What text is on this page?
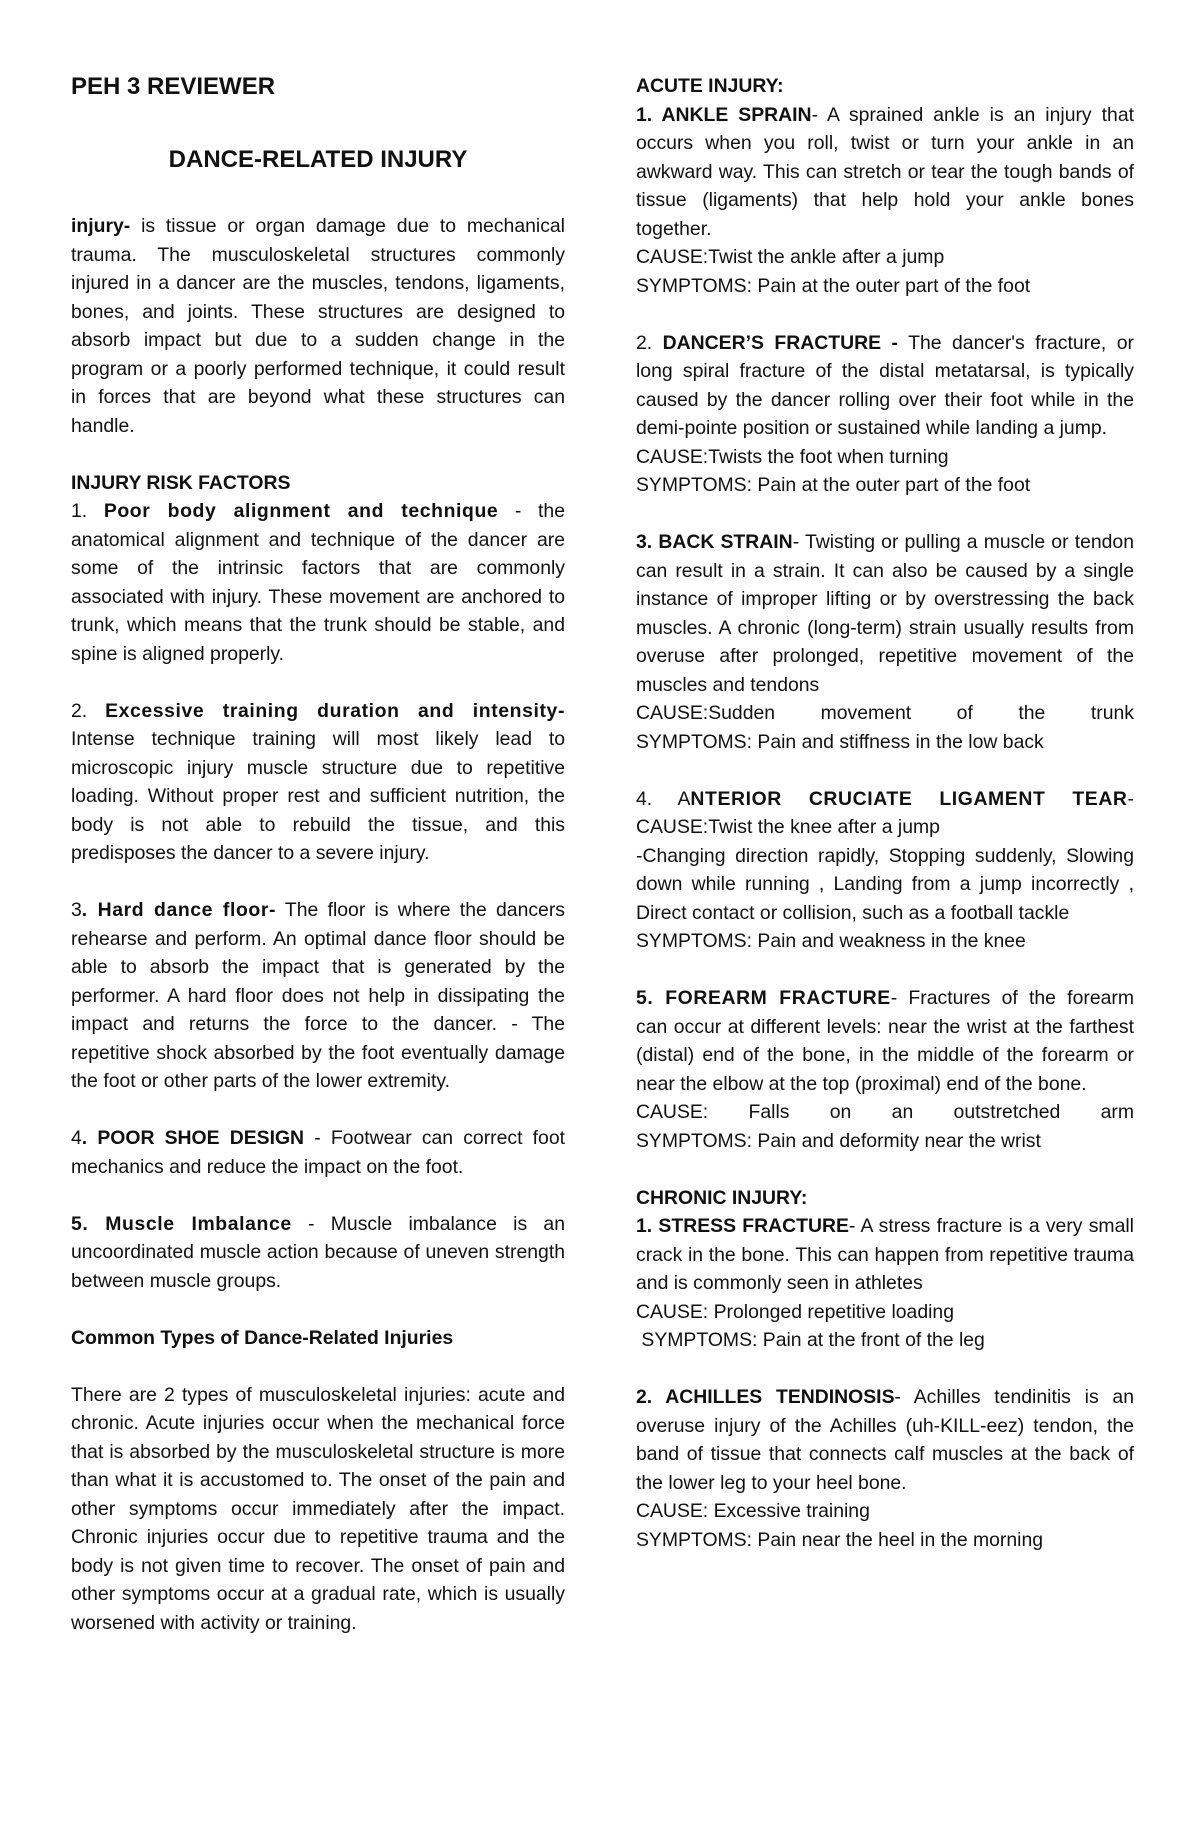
PEH 3 REVIEWER
DANCE-RELATED INJURY

injury- is tissue or organ damage due to mechanical trauma. The musculoskeletal structures commonly injured in a dancer are the muscles, tendons, ligaments, bones, and joints. These structures are designed to absorb impact but due to a sudden change in the program or a poorly performed technique, it could result in forces that are beyond what these structures can handle.

INJURY RISK FACTORS

1. Poor body alignment and technique - the anatomical alignment and technique of the dancer are some of the intrinsic factors that are commonly associated with injury. These movement are anchored to trunk, which means that the trunk should be stable, and spine is aligned properly.

2. Excessive training duration and intensity- Intense technique training will most likely lead to microscopic injury muscle structure due to repetitive loading. Without proper rest and sufficient nutrition, the body is not able to rebuild the tissue, and this predisposes the dancer to a severe injury.

3. Hard dance floor- The floor is where the dancers rehearse and perform. An optimal dance floor should be able to absorb the impact that is generated by the performer. A hard floor does not help in dissipating the impact and returns the force to the dancer. - The repetitive shock absorbed by the foot eventually damage the foot or other parts of the lower extremity.

4. POOR SHOE DESIGN - Footwear can correct foot mechanics and reduce the impact on the foot.

5. Muscle Imbalance - Muscle imbalance is an uncoordinated muscle action because of uneven strength between muscle groups.

Common Types of Dance-Related Injuries

There are 2 types of musculoskeletal injuries: acute and chronic. Acute injuries occur when the mechanical force that is absorbed by the musculoskeletal structure is more than what it is accustomed to. The onset of the pain and other symptoms occur immediately after the impact. Chronic injuries occur due to repetitive trauma and the body is not given time to recover. The onset of pain and other symptoms occur at a gradual rate, which is usually worsened with activity or training.

ACUTE INJURY:

1. ANKLE SPRAIN- A sprained ankle is an injury that occurs when you roll, twist or turn your ankle in an awkward way. This can stretch or tear the tough bands of tissue (ligaments) that help hold your ankle bones together.

CAUSE:Twist the ankle after a jump

SYMPTOMS: Pain at the outer part of the foot

2. DANCER’S FRACTURE - The dancer's fracture, or long spiral fracture of the distal metatarsal, is typically caused by the dancer rolling over their foot while in the demi-pointe position or sustained while landing a jump.

CAUSE:Twists the foot when turning

SYMPTOMS: Pain at the outer part of the foot

3. BACK STRAIN- Twisting or pulling a muscle or tendon can result in a strain. It can also be caused by a single instance of improper lifting or by overstressing the back muscles. A chronic (long-term) strain usually results from overuse after prolonged, repetitive movement of the muscles and tendons

CAUSE:Sudden movement of the trunk

SYMPTOMS: Pain and stiffness in the low back

4. ANTERIOR CRUCIATE LIGAMENT TEAR-

CAUSE:Twist the knee after a jump

-Changing direction rapidly, Stopping suddenly, Slowing down while running , Landing from a jump incorrectly , Direct contact or collision, such as a football tackle

SYMPTOMS: Pain and weakness in the knee

5. FOREARM FRACTURE- Fractures of the forearm can occur at different levels: near the wrist at the farthest (distal) end of the bone, in the middle of the forearm or near the elbow at the top (proximal) end of the bone.

CAUSE: Falls on an outstretched arm

SYMPTOMS: Pain and deformity near the wrist

CHRONIC INJURY:

1. STRESS FRACTURE- A stress fracture is a very small crack in the bone. This can happen from repetitive trauma and is commonly seen in athletes

CAUSE: Prolonged repetitive loading

SYMPTOMS: Pain at the front of the leg

2. ACHILLES TENDINOSIS- Achilles tendinitis is an overuse injury of the Achilles (uh-KILL-eez) tendon, the band of tissue that connects calf muscles at the back of the lower leg to your heel bone.

CAUSE: Excessive training

SYMPTOMS: Pain near the heel in the morning
